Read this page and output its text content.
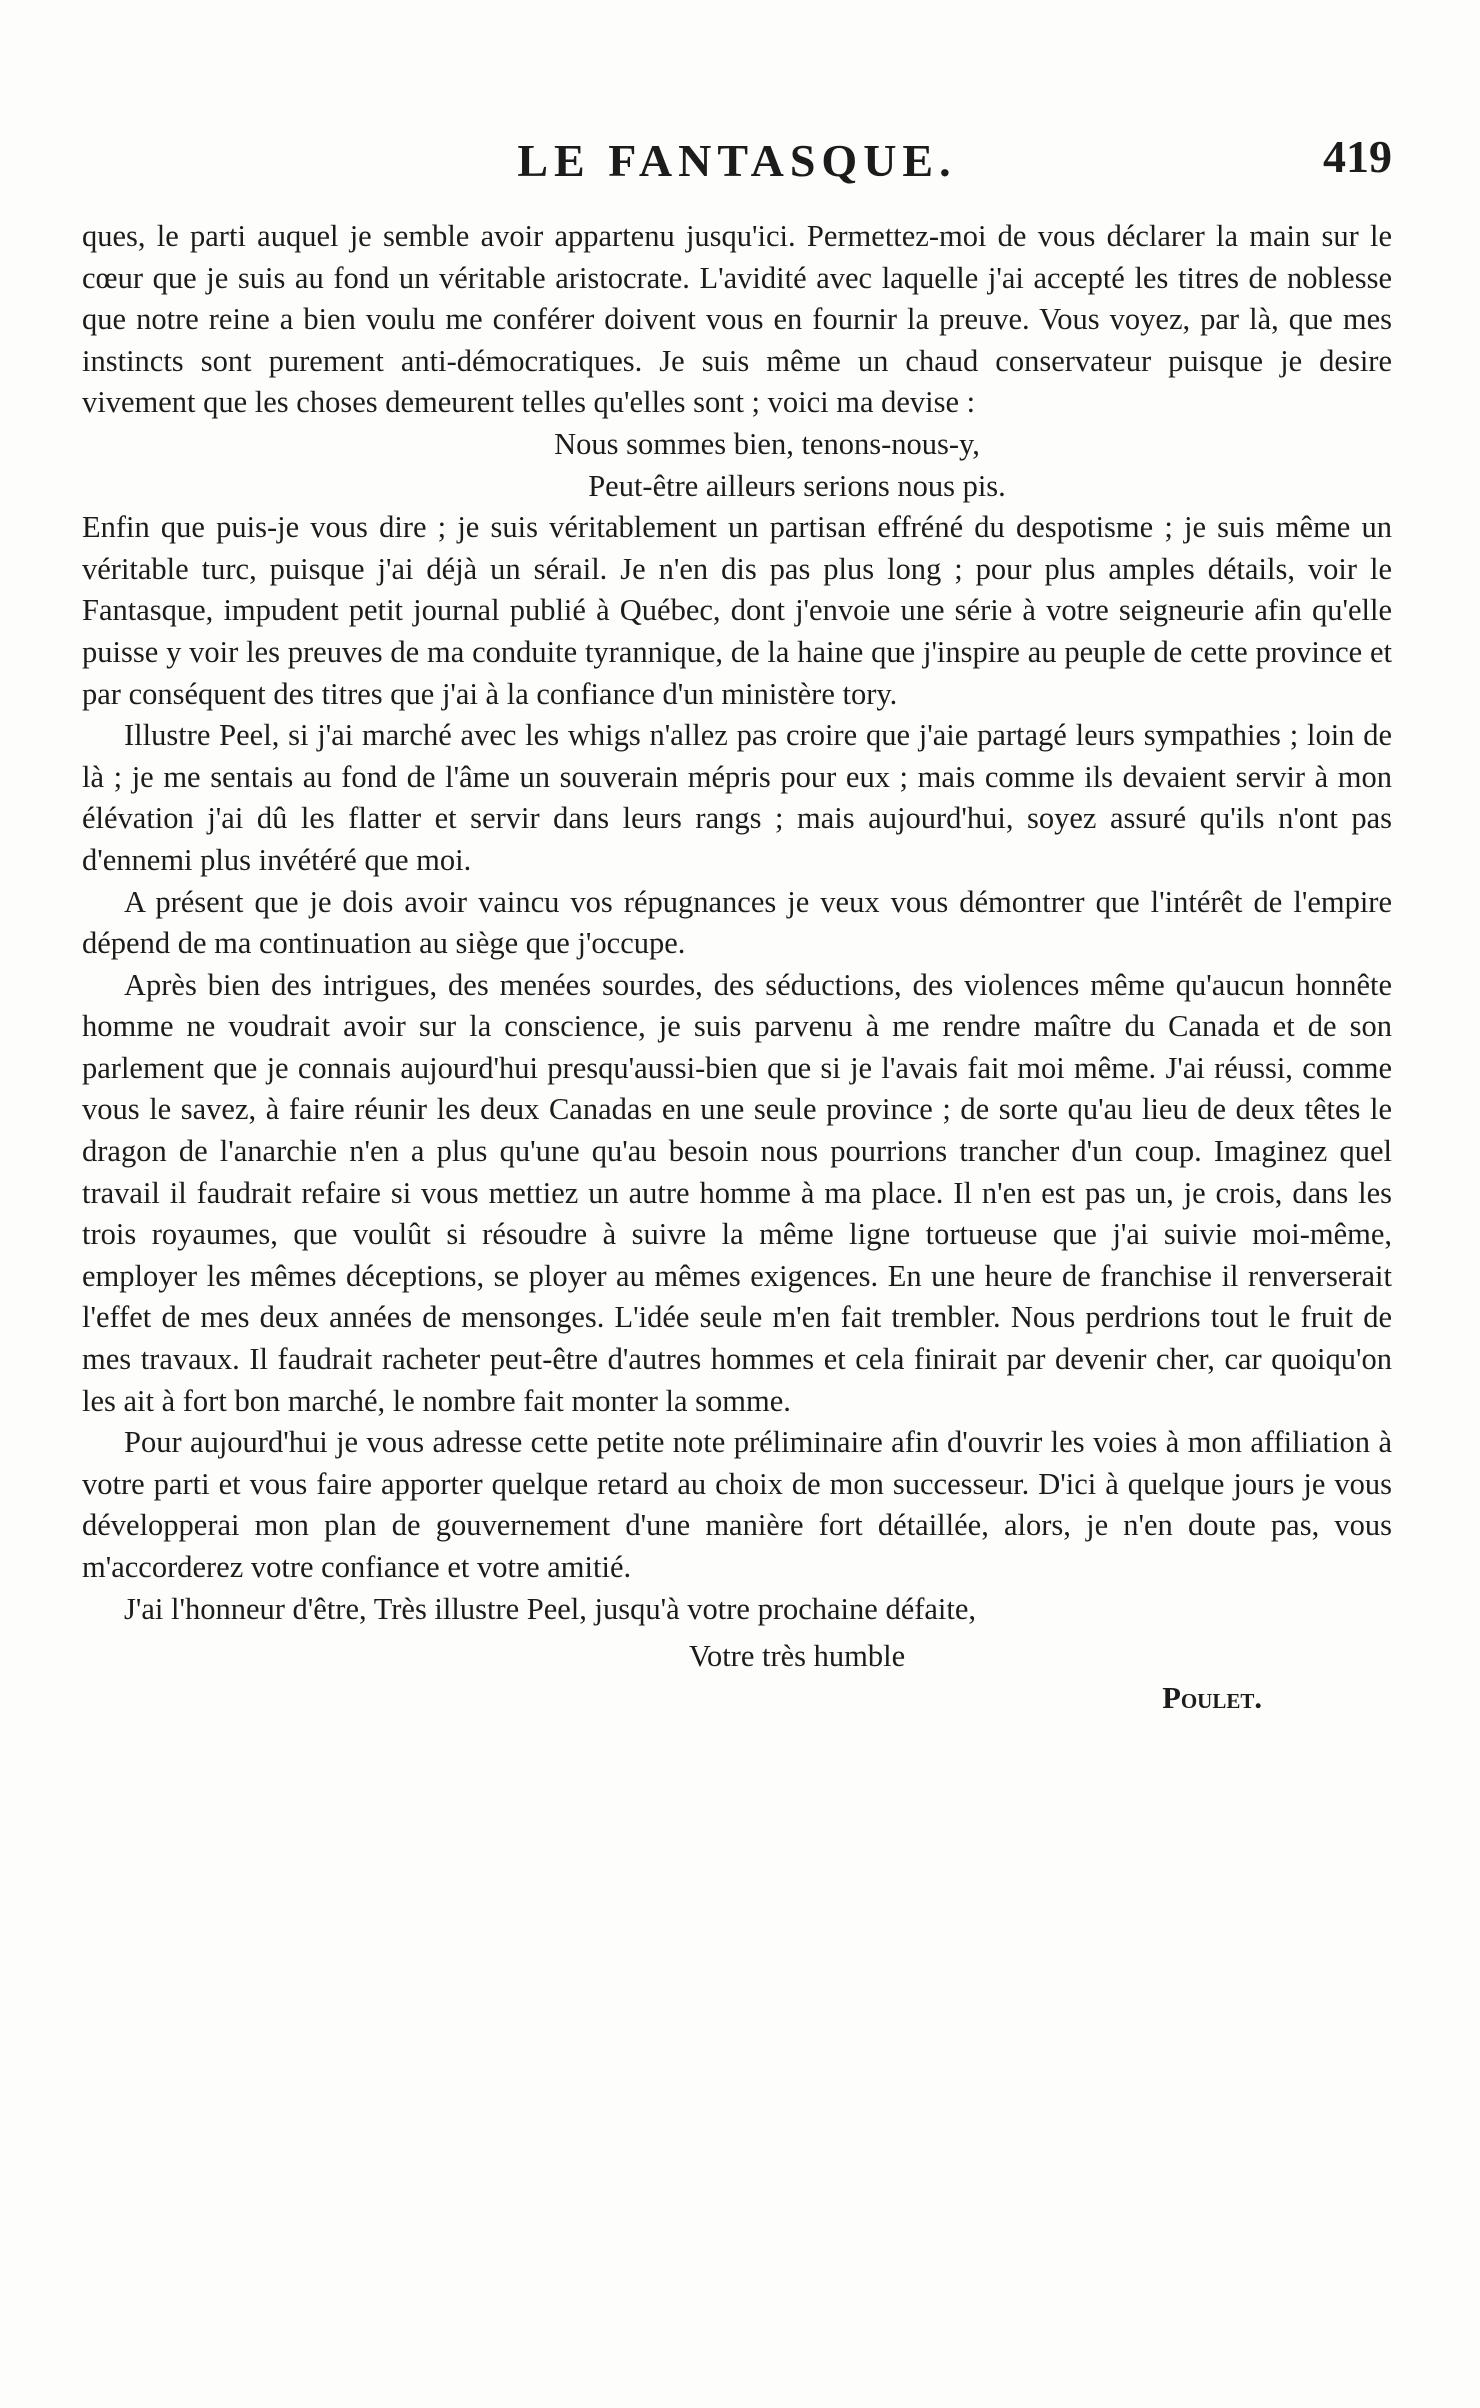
LE FANTASQUE.	419

ques, le parti auquel je semble avoir appartenu jusqu'ici. Permettez-moi de vous déclarer la main sur le cœur que je suis au fond un véritable aristocrate. L'avidité avec laquelle j'ai accepté les titres de noblesse que notre reine a bien voulu me conférer doivent vous en fournir la preuve. Vous voyez, par là, que mes instincts sont purement anti-démocratiques. Je suis même un chaud conservateur puisque je desire vivement que les choses demeurent telles qu'elles sont ; voici ma devise :

Nous sommes bien, tenons-nous-y,

Peut-être ailleurs serions nous pis.

Enfin que puis-je vous dire ; je suis véritablement un partisan effréné du despotisme ; je suis même un véritable turc, puisque j'ai déjà un sérail. Je n'en dis pas plus long ; pour plus amples détails, voir le Fantasque, impudent petit journal publié à Québec, dont j'envoie une série à votre seigneurie afin qu'elle puisse y voir les preuves de ma conduite tyrannique, de la haine que j'inspire au peuple de cette province et par conséquent des titres que j'ai à la confiance d'un ministère tory.

Illustre Peel, si j'ai marché avec les whigs n'allez pas croire que j'aie partagé leurs sympathies ; loin de là ; je me sentais au fond de l'âme un souverain mépris pour eux ; mais comme ils devaient servir à mon élévation j'ai dû les flatter et servir dans leurs rangs ; mais aujourd'hui, soyez assuré qu'ils n'ont pas d'ennemi plus invétéré que moi.

A présent que je dois avoir vaincu vos répugnances je veux vous démontrer que l'intérêt de l'empire dépend de ma continuation au siège que j'occupe.

Après bien des intrigues, des menées sourdes, des séductions, des violences même qu'aucun honnête homme ne voudrait avoir sur la conscience, je suis parvenu à me rendre maître du Canada et de son parlement que je connais aujourd'hui presqu'aussi-bien que si je l'avais fait moi même. J'ai réussi, comme vous le savez, à faire réunir les deux Canadas en une seule province ; de sorte qu'au lieu de deux têtes le dragon de l'anarchie n'en a plus qu'une qu'au besoin nous pourrions trancher d'un coup. Imaginez quel travail il faudrait refaire si vous mettiez un autre homme à ma place. Il n'en est pas un, je crois, dans les trois royaumes, que voulût si résoudre à suivre la même ligne tortueuse que j'ai suivie moi-même, employer les mêmes déceptions, se ployer au mêmes exigences. En une heure de franchise il renverserait l'effet de mes deux années de mensonges. L'idée seule m'en fait trembler. Nous perdrions tout le fruit de mes travaux. Il faudrait racheter peut-être d'autres hommes et cela finirait par devenir cher, car quoiqu'on les ait à fort bon marché, le nombre fait monter la somme.

Pour aujourd'hui je vous adresse cette petite note préliminaire afin d'ouvrir les voies à mon affiliation à votre parti et vous faire apporter quelque retard au choix de mon successeur. D'ici à quelque jours je vous développerai mon plan de gouvernement d'une manière fort détaillée, alors, je n'en doute pas, vous m'accorderez votre confiance et votre amitié.

J'ai l'honneur d'être, Très illustre Peel, jusqu'à votre prochaine défaite,

Votre très humble

Poulet.
